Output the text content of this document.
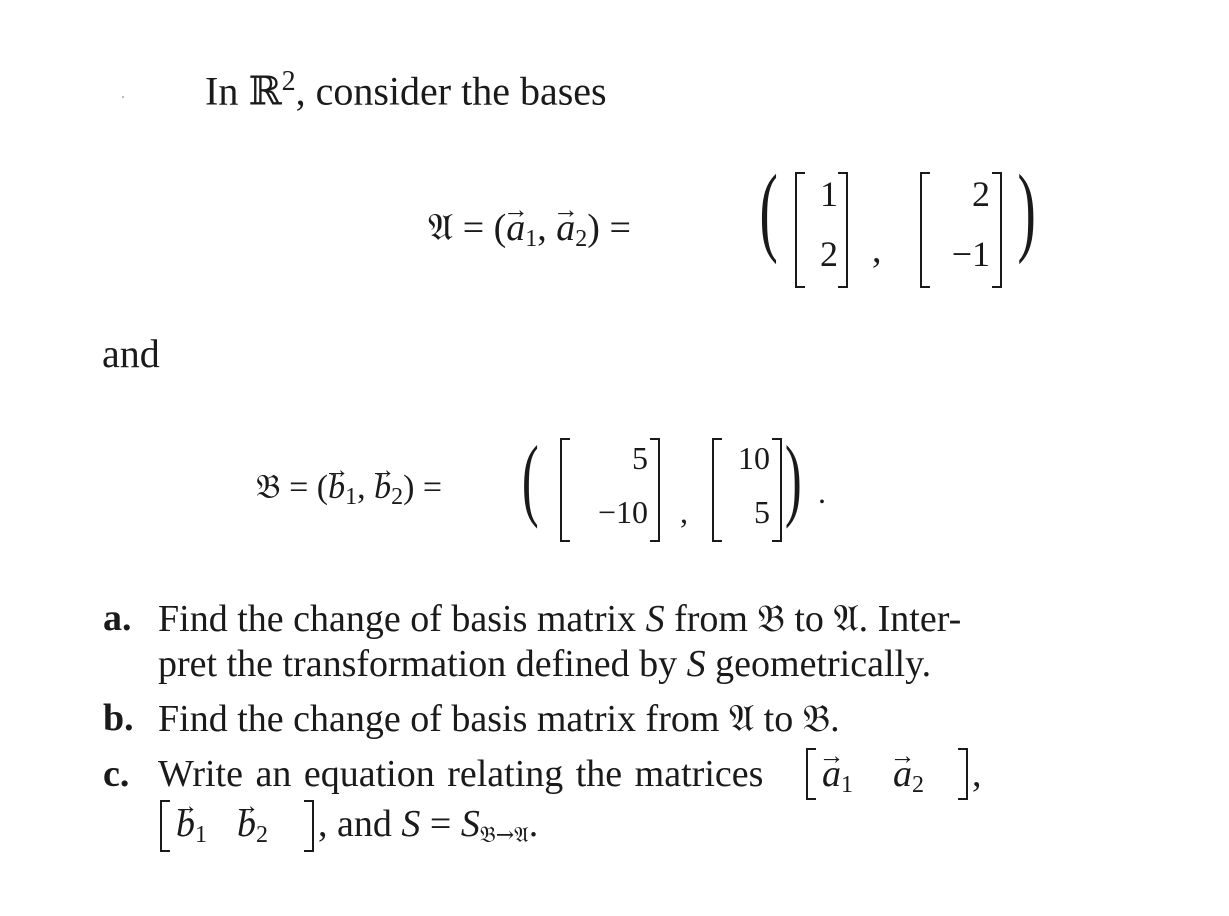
In ℝ$^2$, consider the bases
𝔄 = (→ $a_1$, → $a_2$) = (	1
2 ,
2
−1 )
and
𝔅 = (→ $b_1$, → $b_2$) = (	5
−10 ,
10
5 ) .
a. Find the change of basis matrix S from 𝔅 to 𝔄. Inter-
pret the transformation defined by S geometrically.
b. Find the change of basis matrix from 𝔄 to 𝔅.
c. Write an equation relating the matrices → $a_1 \to a_2$ ,
→ $b_1 \to b_2$ , and $S = S_{𝔅\to 𝔄}$.
